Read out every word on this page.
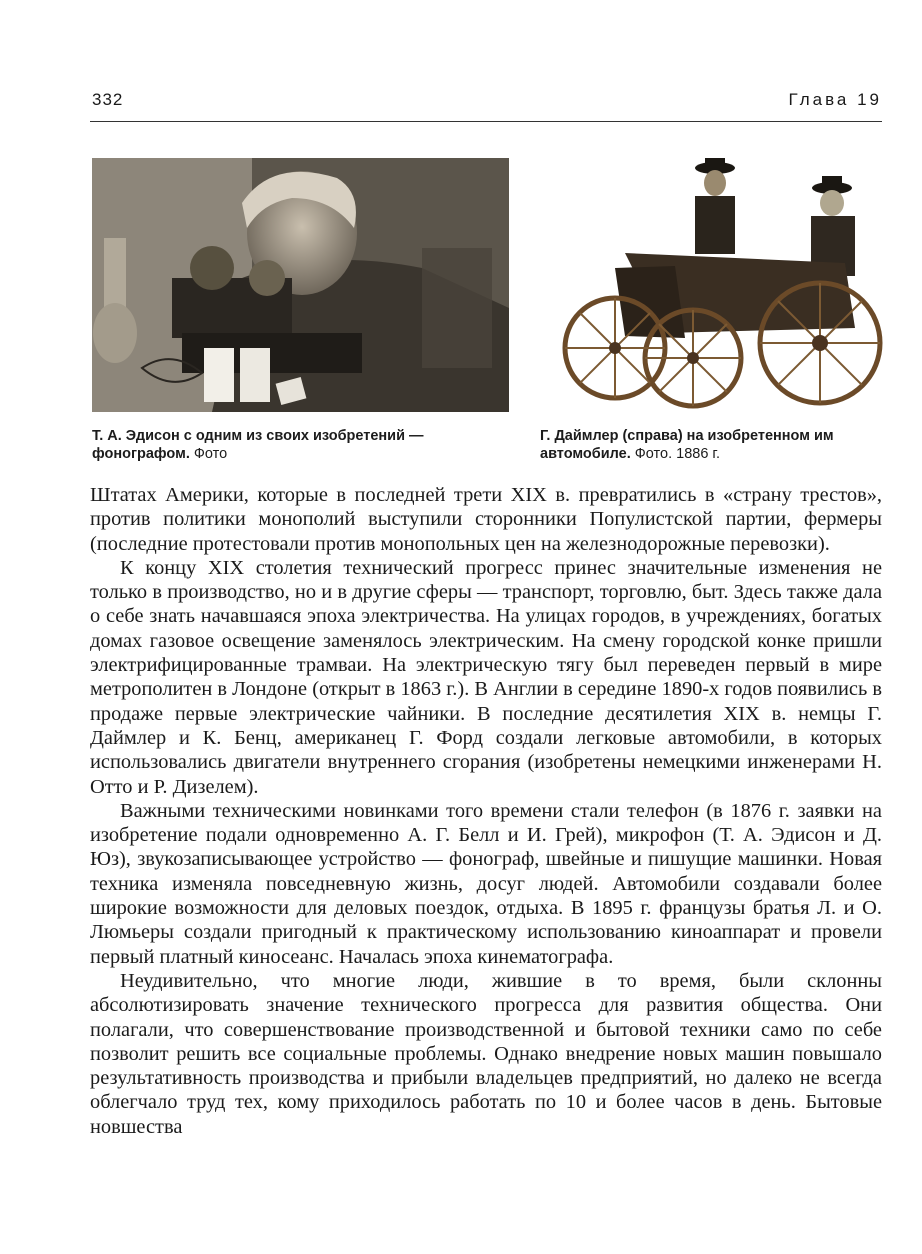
332	Глава 19
Т. А. Эдисон с одним из своих изобретений — фонографом. Фото
Г. Даймлер (справа) на изобретенном им автомобиле. Фото. 1886 г.

Штатах Америки, которые в последней трети XIX в. превратились в «страну трестов», против политики монополий выступили сторонники Популистской партии, фермеры (последние протестовали против монопольных цен на железнодорожные перевозки).

К концу XIX столетия технический прогресс принес значительные изменения не только в производство, но и в другие сферы — транспорт, торговлю, быт. Здесь также дала о себе знать начавшаяся эпоха электричества. На улицах городов, в учреждениях, богатых домах газовое освещение заменялось электрическим. На смену городской конке пришли электрифицированные трамваи. На электрическую тягу был переведен первый в мире метрополитен в Лондоне (открыт в 1863 г.). В Англии в середине 1890-х годов появились в продаже первые электрические чайники. В последние десятилетия XIX в. немцы Г. Даймлер и К. Бенц, американец Г. Форд создали легковые автомобили, в которых использовались двигатели внутреннего сгорания (изобретены немецкими инженерами Н. Отто и Р. Дизелем).

Важными техническими новинками того времени стали телефон (в 1876 г. заявки на изобретение подали одновременно А. Г. Белл и И. Грей), микрофон (Т. А. Эдисон и Д. Юз), звукозаписывающее устройство — фонограф, швейные и пишущие машинки. Новая техника изменяла повседневную жизнь, досуг людей. Автомобили создавали более широкие возможности для деловых поездок, отдыха. В 1895 г. французы братья Л. и О. Люмьеры создали пригодный к практическому использованию киноаппарат и провели первый платный киносеанс. Началась эпоха кинематографа.

Неудивительно, что многие люди, жившие в то время, были склонны абсолютизировать значение технического прогресса для развития общества. Они полагали, что совершенствование производственной и бытовой техники само по себе позволит решить все социальные проблемы. Однако внедрение новых машин повышало результативность производства и прибыли владельцев предприятий, но далеко не всегда облегчало труд тех, кому приходилось работать по 10 и более часов в день. Бытовые новшества
